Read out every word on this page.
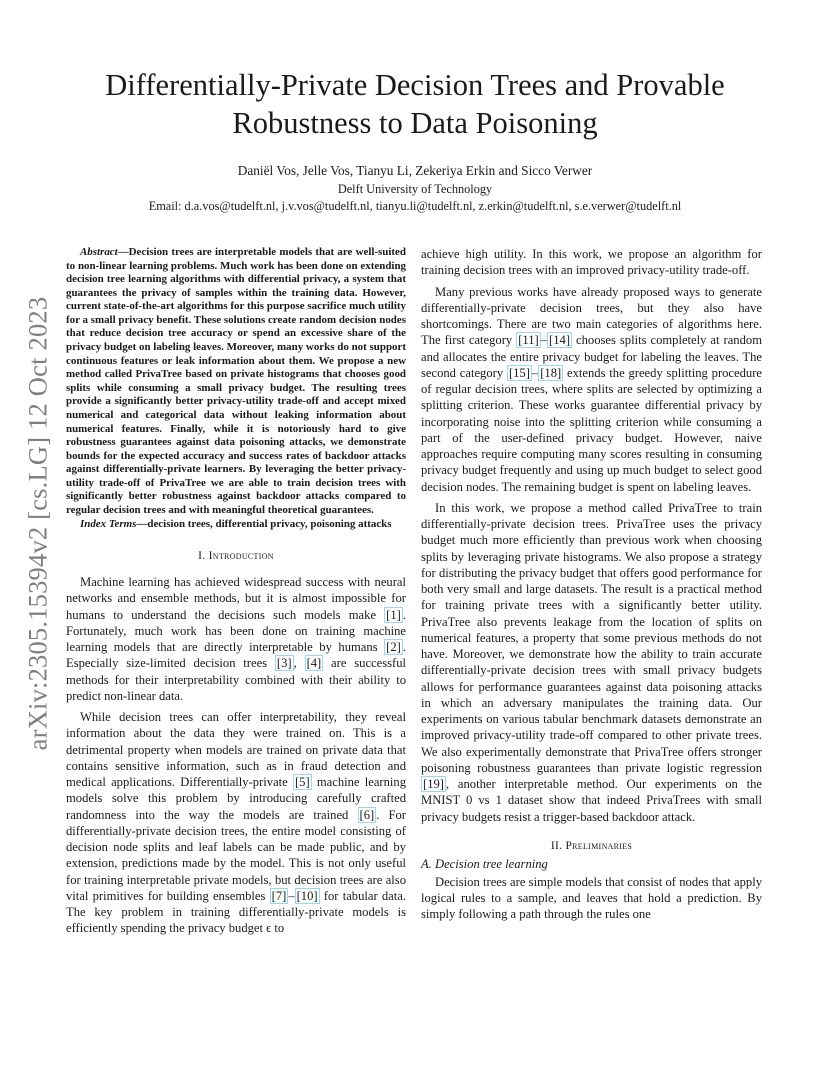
arXiv:2305.15394v2 [cs.LG] 12 Oct 2023
Differentially-Private Decision Trees and Provable
Robustness to Data Poisoning
Daniël Vos, Jelle Vos, Tianyu Li, Zekeriya Erkin and Sicco Verwer
Delft University of Technology
Email: d.a.vos@tudelft.nl, j.v.vos@tudelft.nl, tianyu.li@tudelft.nl, z.erkin@tudelft.nl, s.e.verwer@tudelft.nl

Abstract—Decision trees are interpretable models that are well-suited to non-linear learning problems. Much work has been done on extending decision tree learning algorithms with differential privacy, a system that guarantees the privacy of samples within the training data. However, current state-of-the-art algorithms for this purpose sacrifice much utility for a small privacy benefit. These solutions create random decision nodes that reduce decision tree accuracy or spend an excessive share of the privacy budget on labeling leaves. Moreover, many works do not support continuous features or leak information about them. We propose a new method called PrivaTree based on private histograms that chooses good splits while consuming a small privacy budget. The resulting trees provide a significantly better privacy-utility trade-off and accept mixed numerical and categorical data without leaking information about numerical features. Finally, while it is notoriously hard to give robustness guarantees against data poisoning attacks, we demonstrate bounds for the expected accuracy and success rates of backdoor attacks against differentially-private learners. By leveraging the better privacy-utility trade-off of PrivaTree we are able to train decision trees with significantly better robustness against backdoor attacks compared to regular decision trees and with meaningful theoretical guarantees.

Index Terms—decision trees, differential privacy, poisoning attacks

I. Introduction

Machine learning has achieved widespread success with neural networks and ensemble methods, but it is almost impossible for humans to understand the decisions such models make [1] . Fortunately, much work has been done on training machine learning models that are directly interpretable by humans [2] . Especially size-limited decision trees [3] , [4] are successful methods for their interpretability combined with their ability to predict non-linear data.

While decision trees can offer interpretability, they reveal information about the data they were trained on. This is a detrimental property when models are trained on private data that contains sensitive information, such as in fraud detection and medical applications. Differentially-private [5] machine learning models solve this problem by introducing carefully crafted randomness into the way the models are trained [6] . For differentially-private decision trees, the entire model consisting of decision node splits and leaf labels can be made public, and by extension, predictions made by the model. This is not only useful for training interpretable private models, but decision trees are also vital primitives for building ensembles [7] – [10] for tabular data. The key problem in training differentially-private models is efficiently spending the privacy budget ϵ to

achieve high utility. In this work, we propose an algorithm for training decision trees with an improved privacy-utility trade-off.

Many previous works have already proposed ways to generate differentially-private decision trees, but they also have shortcomings. There are two main categories of algorithms here. The first category [11] – [14] chooses splits completely at random and allocates the entire privacy budget for labeling the leaves. The second category [15] – [18] extends the greedy splitting procedure of regular decision trees, where splits are selected by optimizing a splitting criterion. These works guarantee differential privacy by incorporating noise into the splitting criterion while consuming a part of the user-defined privacy budget. However, naive approaches require computing many scores resulting in consuming privacy budget frequently and using up much budget to select good decision nodes. The remaining budget is spent on labeling leaves.

In this work, we propose a method called PrivaTree to train differentially-private decision trees. PrivaTree uses the privacy budget much more efficiently than previous work when choosing splits by leveraging private histograms. We also propose a strategy for distributing the privacy budget that offers good performance for both very small and large datasets. The result is a practical method for training private trees with a significantly better utility. PrivaTree also prevents leakage from the location of splits on numerical features, a property that some previous methods do not have. Moreover, we demonstrate how the ability to train accurate differentially-private decision trees with small privacy budgets allows for performance guarantees against data poisoning attacks in which an adversary manipulates the training data. Our experiments on various tabular benchmark datasets demonstrate an improved privacy-utility trade-off compared to other private trees. We also experimentally demonstrate that PrivaTree offers stronger poisoning robustness guarantees than private logistic regression [19] , another interpretable method. Our experiments on the MNIST 0 vs 1 dataset show that indeed PrivaTrees with small privacy budgets resist a trigger-based backdoor attack.

II. Preliminaries
A. Decision tree learning

Decision trees are simple models that consist of nodes that apply logical rules to a sample, and leaves that hold a prediction. By simply following a path through the rules one
